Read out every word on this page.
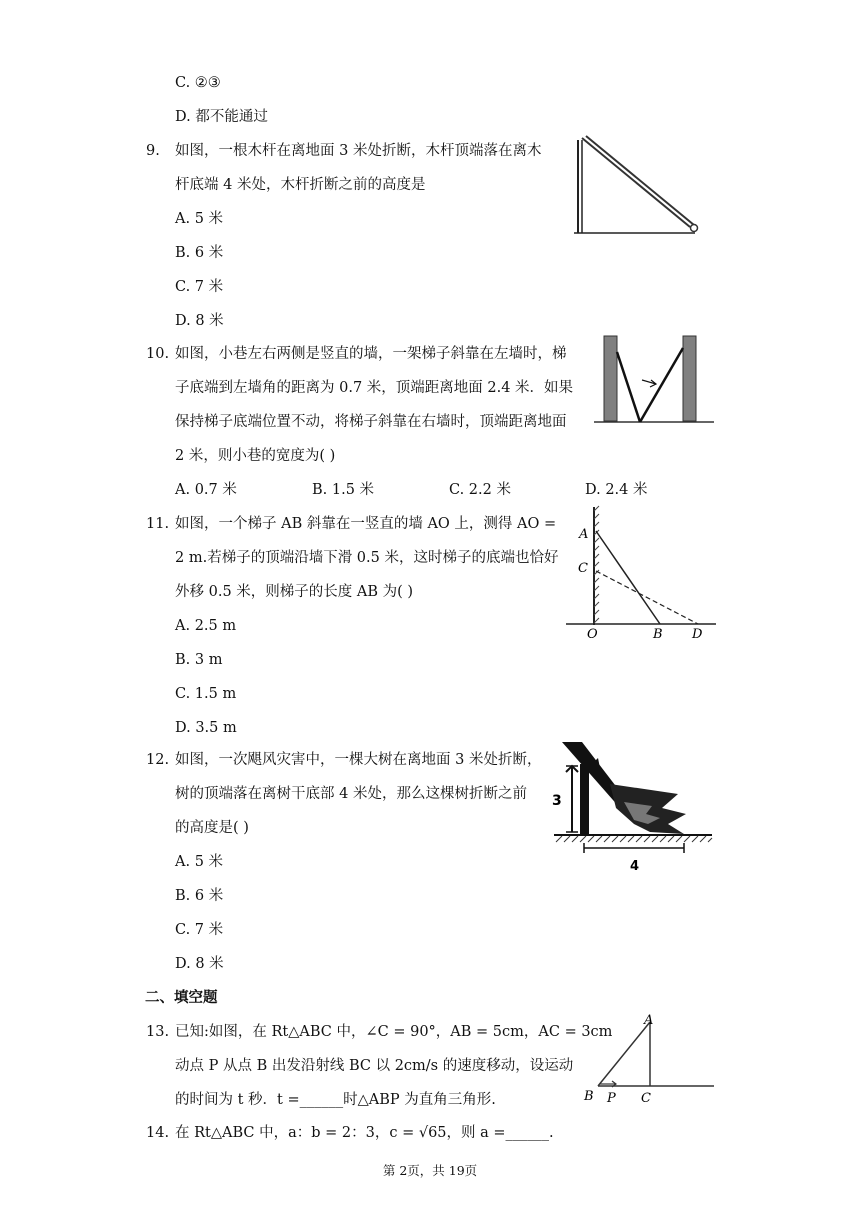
C. ②③
D. 都不能通过
9. 如图，一根木杆在离地面 3 米处折断，木杆顶端落在离木
杆底端 4 米处，木杆折断之前的高度是
A. 5 米
B. 6 米
C. 7 米
D. 8 米
10. 如图，小巷左右两侧是竖直的墙，一架梯子斜靠在左墙时，梯
子底端到左墙角的距离为 0.7 米，顶端距离地面 2.4 米．如果
保持梯子底端位置不动，将梯子斜靠在右墙时，顶端距离地面
2 米，则小巷的宽度为( )
A. 0.7 米	B. 1.5 米	C. 2.2 米	D. 2.4 米
11. 如图，一个梯子 AB 斜靠在一竖直的墙 AO 上，测得 AO =
2 m.若梯子的顶端沿墙下滑 0.5 米，这时梯子的底端也恰好
外移 0.5 米，则梯子的长度 AB 为( )
A. 2.5 m
B. 3 m
C. 1.5 m
D. 3.5 m
A
C
O	B D
12. 如图，一次飓风灾害中，一棵大树在离地面 3 米处折断，
树的顶端落在离树干底部 4 米处，那么这棵树折断之前
的高度是( )
A. 5 米
B. 6 米
C. 7 米
D. 8 米
3
4
二、填空题
13. 已知:如图，在 Rt△ABC 中，∠C = 90°，AB = 5cm，AC = 3cm
动点 P 从点 B 出发沿射线 BC 以 2cm/s 的速度移动，设运动
的时间为 t 秒．t =______时△ABP 为直角三角形.
A
B P C
14. 在 Rt△ABC 中，a：b = 2：3，c = √65，则 a =______.
第 2页，共 19页
